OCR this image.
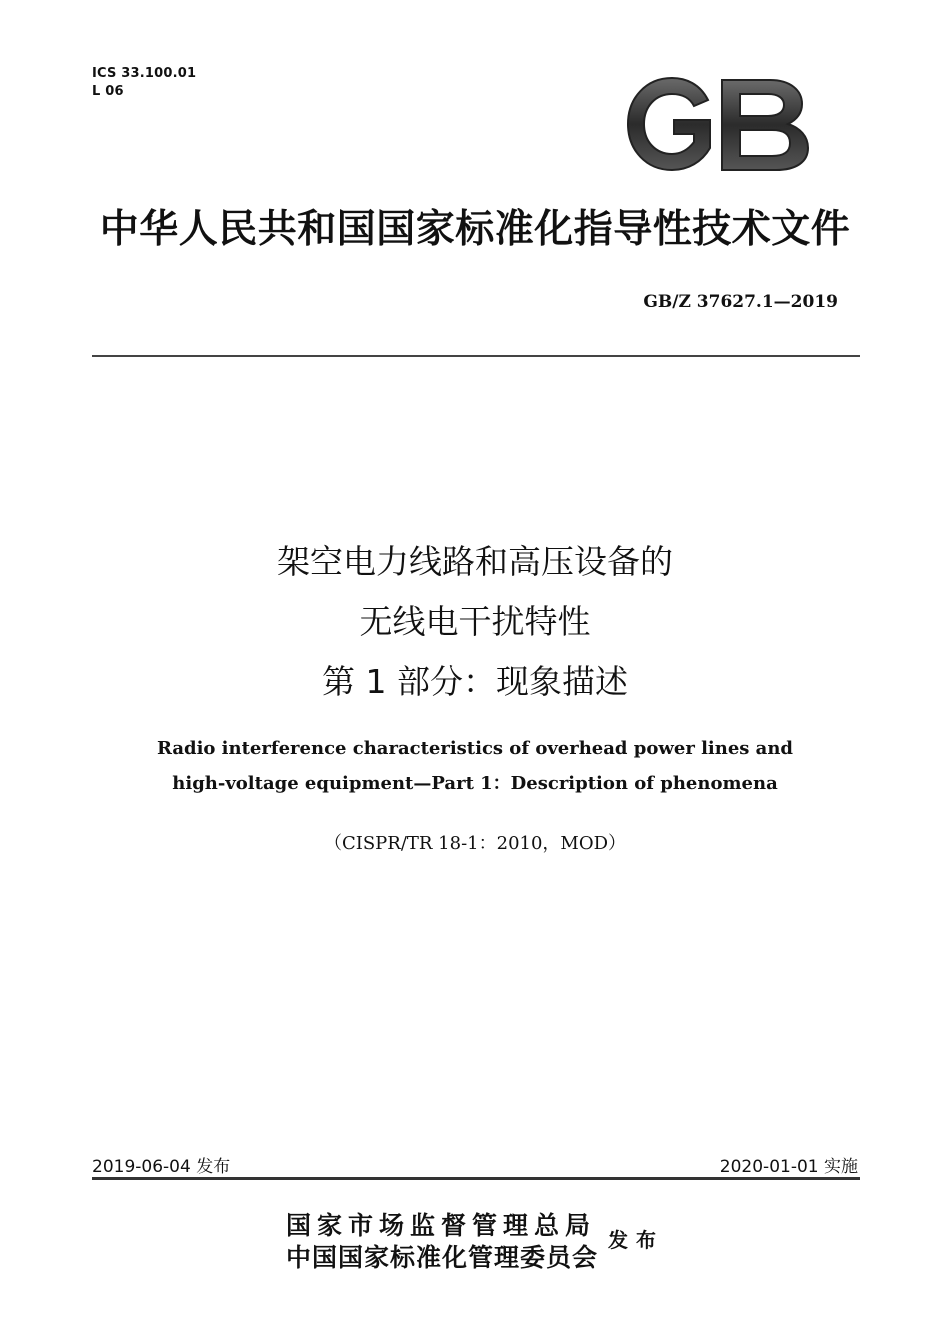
ICS 33.100.01
L 06
中华人民共和国国家标准化指导性技术文件
GB/Z 37627.1—2019
架空电力线路和高压设备的
无线电干扰特性
第 1 部分：现象描述
Radio interference characteristics of overhead power lines and
high-voltage equipment—Part 1：Description of phenomena
（CISPR/TR 18-1：2010，MOD）
2019-06-04 发布	2020-01-01 实施
国家市场监督管理总局
中国国家标准化管理委员会
发布
